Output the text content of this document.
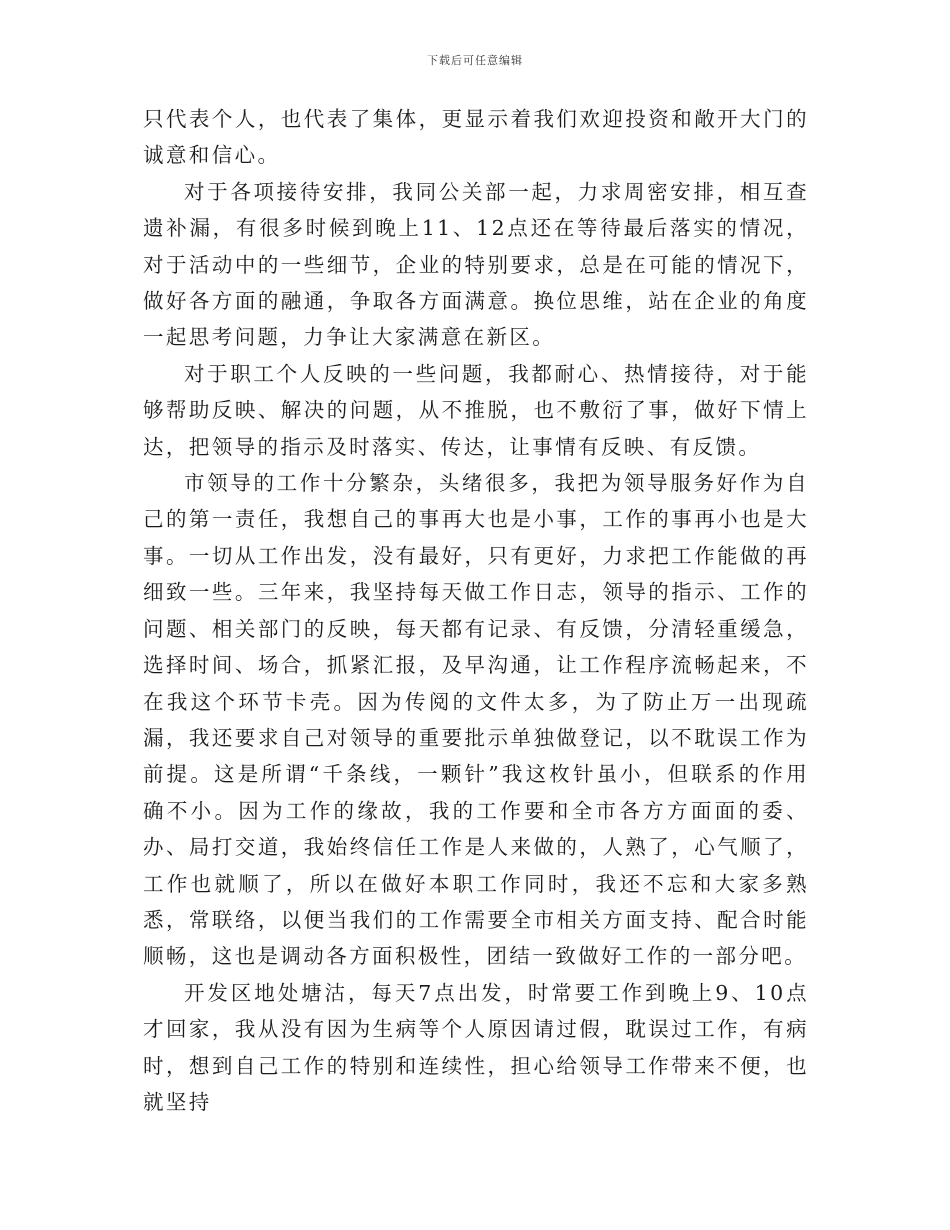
下载后可任意编辑

只代表个人，也代表了集体，更显示着我们欢迎投资和敞开大门的诚意和信心。

对于各项接待安排，我同公关部一起，力求周密安排，相互查遗补漏，有很多时候到晚上11、12点还在等待最后落实的情况，对于活动中的一些细节，企业的特别要求，总是在可能的情况下，做好各方面的融通，争取各方面满意。换位思维，站在企业的角度一起思考问题，力争让大家满意在新区。

对于职工个人反映的一些问题，我都耐心、热情接待，对于能够帮助反映、解决的问题，从不推脱，也不敷衍了事，做好下情上达，把领导的指示及时落实、传达，让事情有反映、有反馈。

市领导的工作十分繁杂，头绪很多，我把为领导服务好作为自己的第一责任，我想自己的事再大也是小事，工作的事再小也是大事。一切从工作出发，没有最好，只有更好，力求把工作能做的再细致一些。三年来，我坚持每天做工作日志，领导的指示、工作的问题、相关部门的反映，每天都有记录、有反馈，分清轻重缓急，选择时间、场合，抓紧汇报，及早沟通，让工作程序流畅起来，不在我这个环节卡壳。因为传阅的文件太多，为了防止万一出现疏漏，我还要求自己对领导的重要批示单独做登记，以不耽误工作为前提。这是所谓“千条线，一颗针”我这枚针虽小，但联系的作用确不小。因为工作的缘故，我的工作要和全市各方方面面的委、办、局打交道，我始终信任工作是人来做的，人熟了，心气顺了，工作也就顺了，所以在做好本职工作同时，我还不忘和大家多熟悉，常联络，以便当我们的工作需要全市相关方面支持、配合时能顺畅，这也是调动各方面积极性，团结一致做好工作的一部分吧。

开发区地处塘沽，每天7点出发，时常要工作到晚上9、10点才回家，我从没有因为生病等个人原因请过假，耽误过工作，有病时，想到自己工作的特别和连续性，担心给领导工作带来不便，也就坚持
